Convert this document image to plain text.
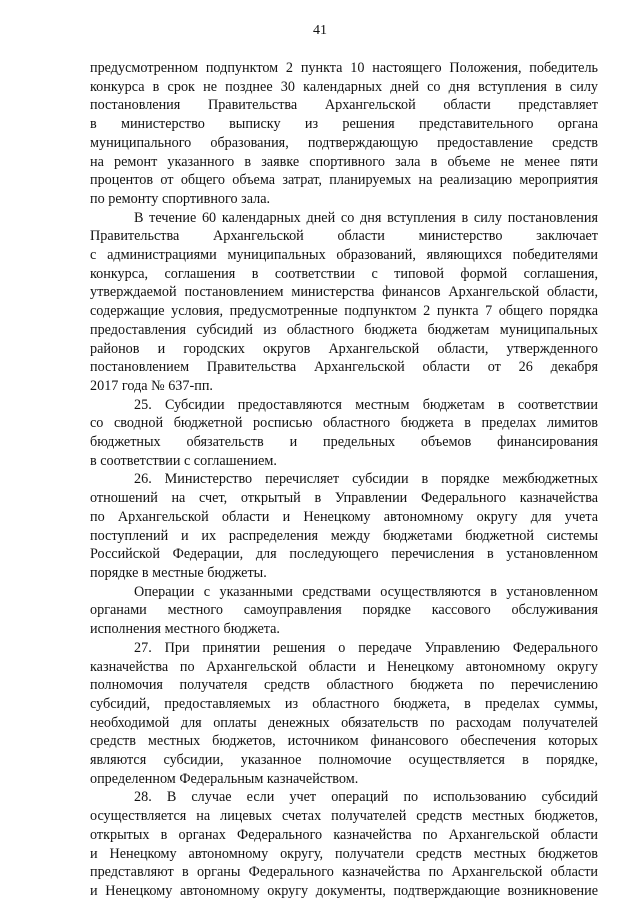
41
предусмотренном подпунктом 2 пункта 10 настоящего Положения, победитель
конкурса в срок не позднее 30 календарных дней со дня вступления в силу
постановления Правительства Архангельской области представляет
в министерство выписку из решения представительного органа
муниципального образования, подтверждающую предоставление средств
на ремонт указанного в заявке спортивного зала в объеме не менее пяти
процентов от общего объема затрат, планируемых на реализацию мероприятия
по ремонту спортивного зала.
В течение 60 календарных дней со дня вступления в силу постановления
Правительства Архангельской области министерство заключает
с администрациями муниципальных образований, являющихся победителями
конкурса, соглашения в соответствии с типовой формой соглашения,
утверждаемой постановлением министерства финансов Архангельской области,
содержащие условия, предусмотренные подпунктом 2 пункта 7 общего порядка
предоставления субсидий из областного бюджета бюджетам муниципальных
районов и городских округов Архангельской области, утвержденного
постановлением Правительства Архангельской области от 26 декабря
2017 года № 637-пп.
25. Субсидии предоставляются местным бюджетам в соответствии
со сводной бюджетной росписью областного бюджета в пределах лимитов
бюджетных обязательств и предельных объемов финансирования
в соответствии с соглашением.
26. Министерство перечисляет субсидии в порядке межбюджетных
отношений на счет, открытый в Управлении Федерального казначейства
по Архангельской области и Ненецкому автономному округу для учета
поступлений и их распределения между бюджетами бюджетной системы
Российской Федерации, для последующего перечисления в установленном
порядке в местные бюджеты.
Операции с указанными средствами осуществляются в установленном
органами местного самоуправления порядке кассового обслуживания
исполнения местного бюджета.
27. При принятии решения о передаче Управлению Федерального
казначейства по Архангельской области и Ненецкому автономному округу
полномочия получателя средств областного бюджета по перечислению
субсидий, предоставляемых из областного бюджета, в пределах суммы,
необходимой для оплаты денежных обязательств по расходам получателей
средств местных бюджетов, источником финансового обеспечения которых
являются субсидии, указанное полномочие осуществляется в порядке,
определенном Федеральным казначейством.
28. В случае если учет операций по использованию субсидий
осуществляется на лицевых счетах получателей средств местных бюджетов,
открытых в органах Федерального казначейства по Архангельской области
и Ненецкому автономному округу, получатели средств местных бюджетов
представляют в органы Федерального казначейства по Архангельской области
и Ненецкому автономному округу документы, подтверждающие возникновение
